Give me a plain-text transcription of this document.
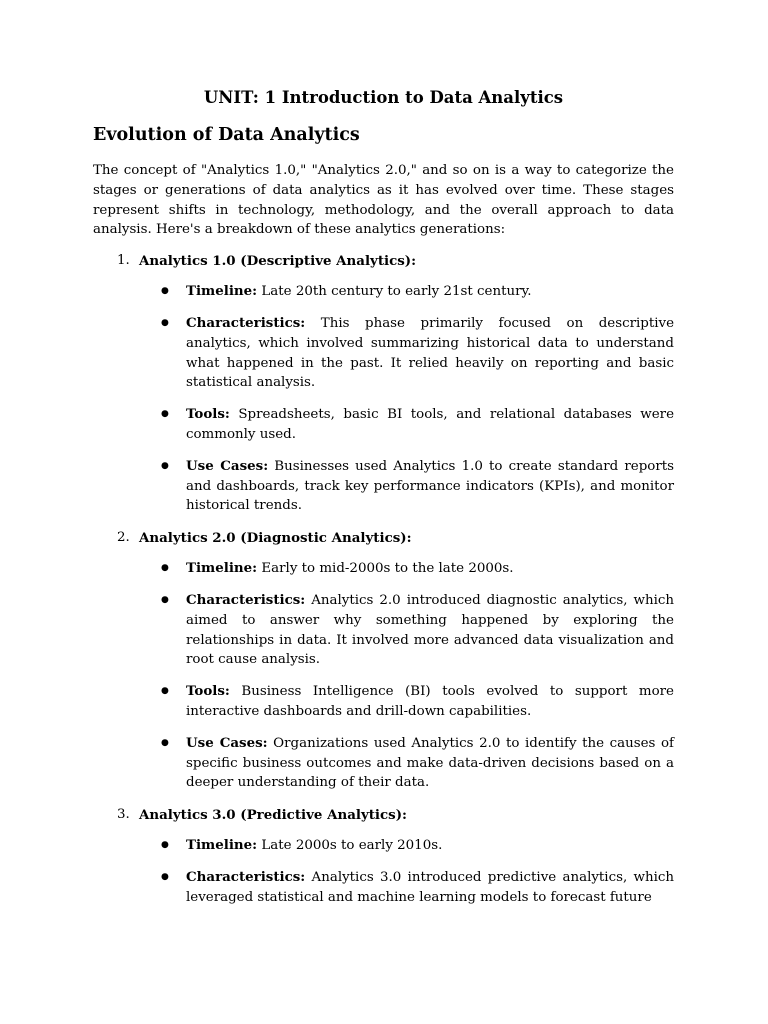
UNIT: 1 Introduction to Data Analytics
Evolution of Data Analytics

The concept of "Analytics 1.0," "Analytics 2.0," and so on is a way to categorize the stages or generations of data analytics as it has evolved over time. These stages represent shifts in technology, methodology, and the overall approach to data analysis. Here's a breakdown of these analytics generations:

1. Analytics 1.0 (Descriptive Analytics):
● Timeline: Late 20th century to early 21st century.
● Characteristics: This phase primarily focused on descriptive analytics, which involved summarizing historical data to understand what happened in the past. It relied heavily on reporting and basic statistical analysis.
● Tools: Spreadsheets, basic BI tools, and relational databases were commonly used.
● Use Cases: Businesses used Analytics 1.0 to create standard reports and dashboards, track key performance indicators (KPIs), and monitor historical trends.
2. Analytics 2.0 (Diagnostic Analytics):
● Timeline: Early to mid-2000s to the late 2000s.
● Characteristics: Analytics 2.0 introduced diagnostic analytics, which aimed to answer why something happened by exploring the relationships in data. It involved more advanced data visualization and root cause analysis.
● Tools: Business Intelligence (BI) tools evolved to support more interactive dashboards and drill-down capabilities.
● Use Cases: Organizations used Analytics 2.0 to identify the causes of specific business outcomes and make data-driven decisions based on a deeper understanding of their data.
3. Analytics 3.0 (Predictive Analytics):
● Timeline: Late 2000s to early 2010s.
● Characteristics: Analytics 3.0 introduced predictive analytics, which leveraged statistical and machine learning models to forecast future
